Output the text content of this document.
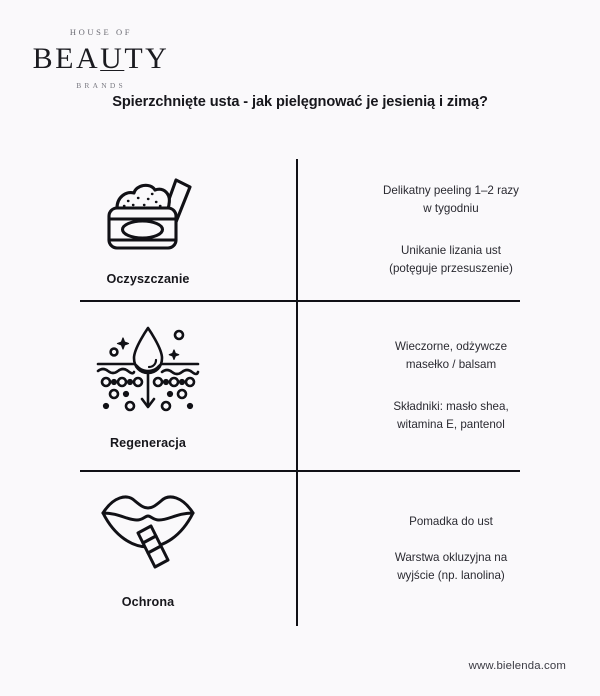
HOUSE OF
BEAUTY
BRANDS
Spierzchnięte usta - jak pielęgnować je jesienią i zimą?
Oczyszczanie
Delikatny peeling 1–2 razy
w tygodniu
Unikanie lizania ust
(potęguje przesuszenie)
Regeneracja
Wieczorne, odżywcze
masełko / balsam
Składniki: masło shea,
witamina E, pantenol
Ochrona
Pomadka do ust
Warstwa okluzyjna na
wyjście (np. lanolina)
www.bielenda.com
